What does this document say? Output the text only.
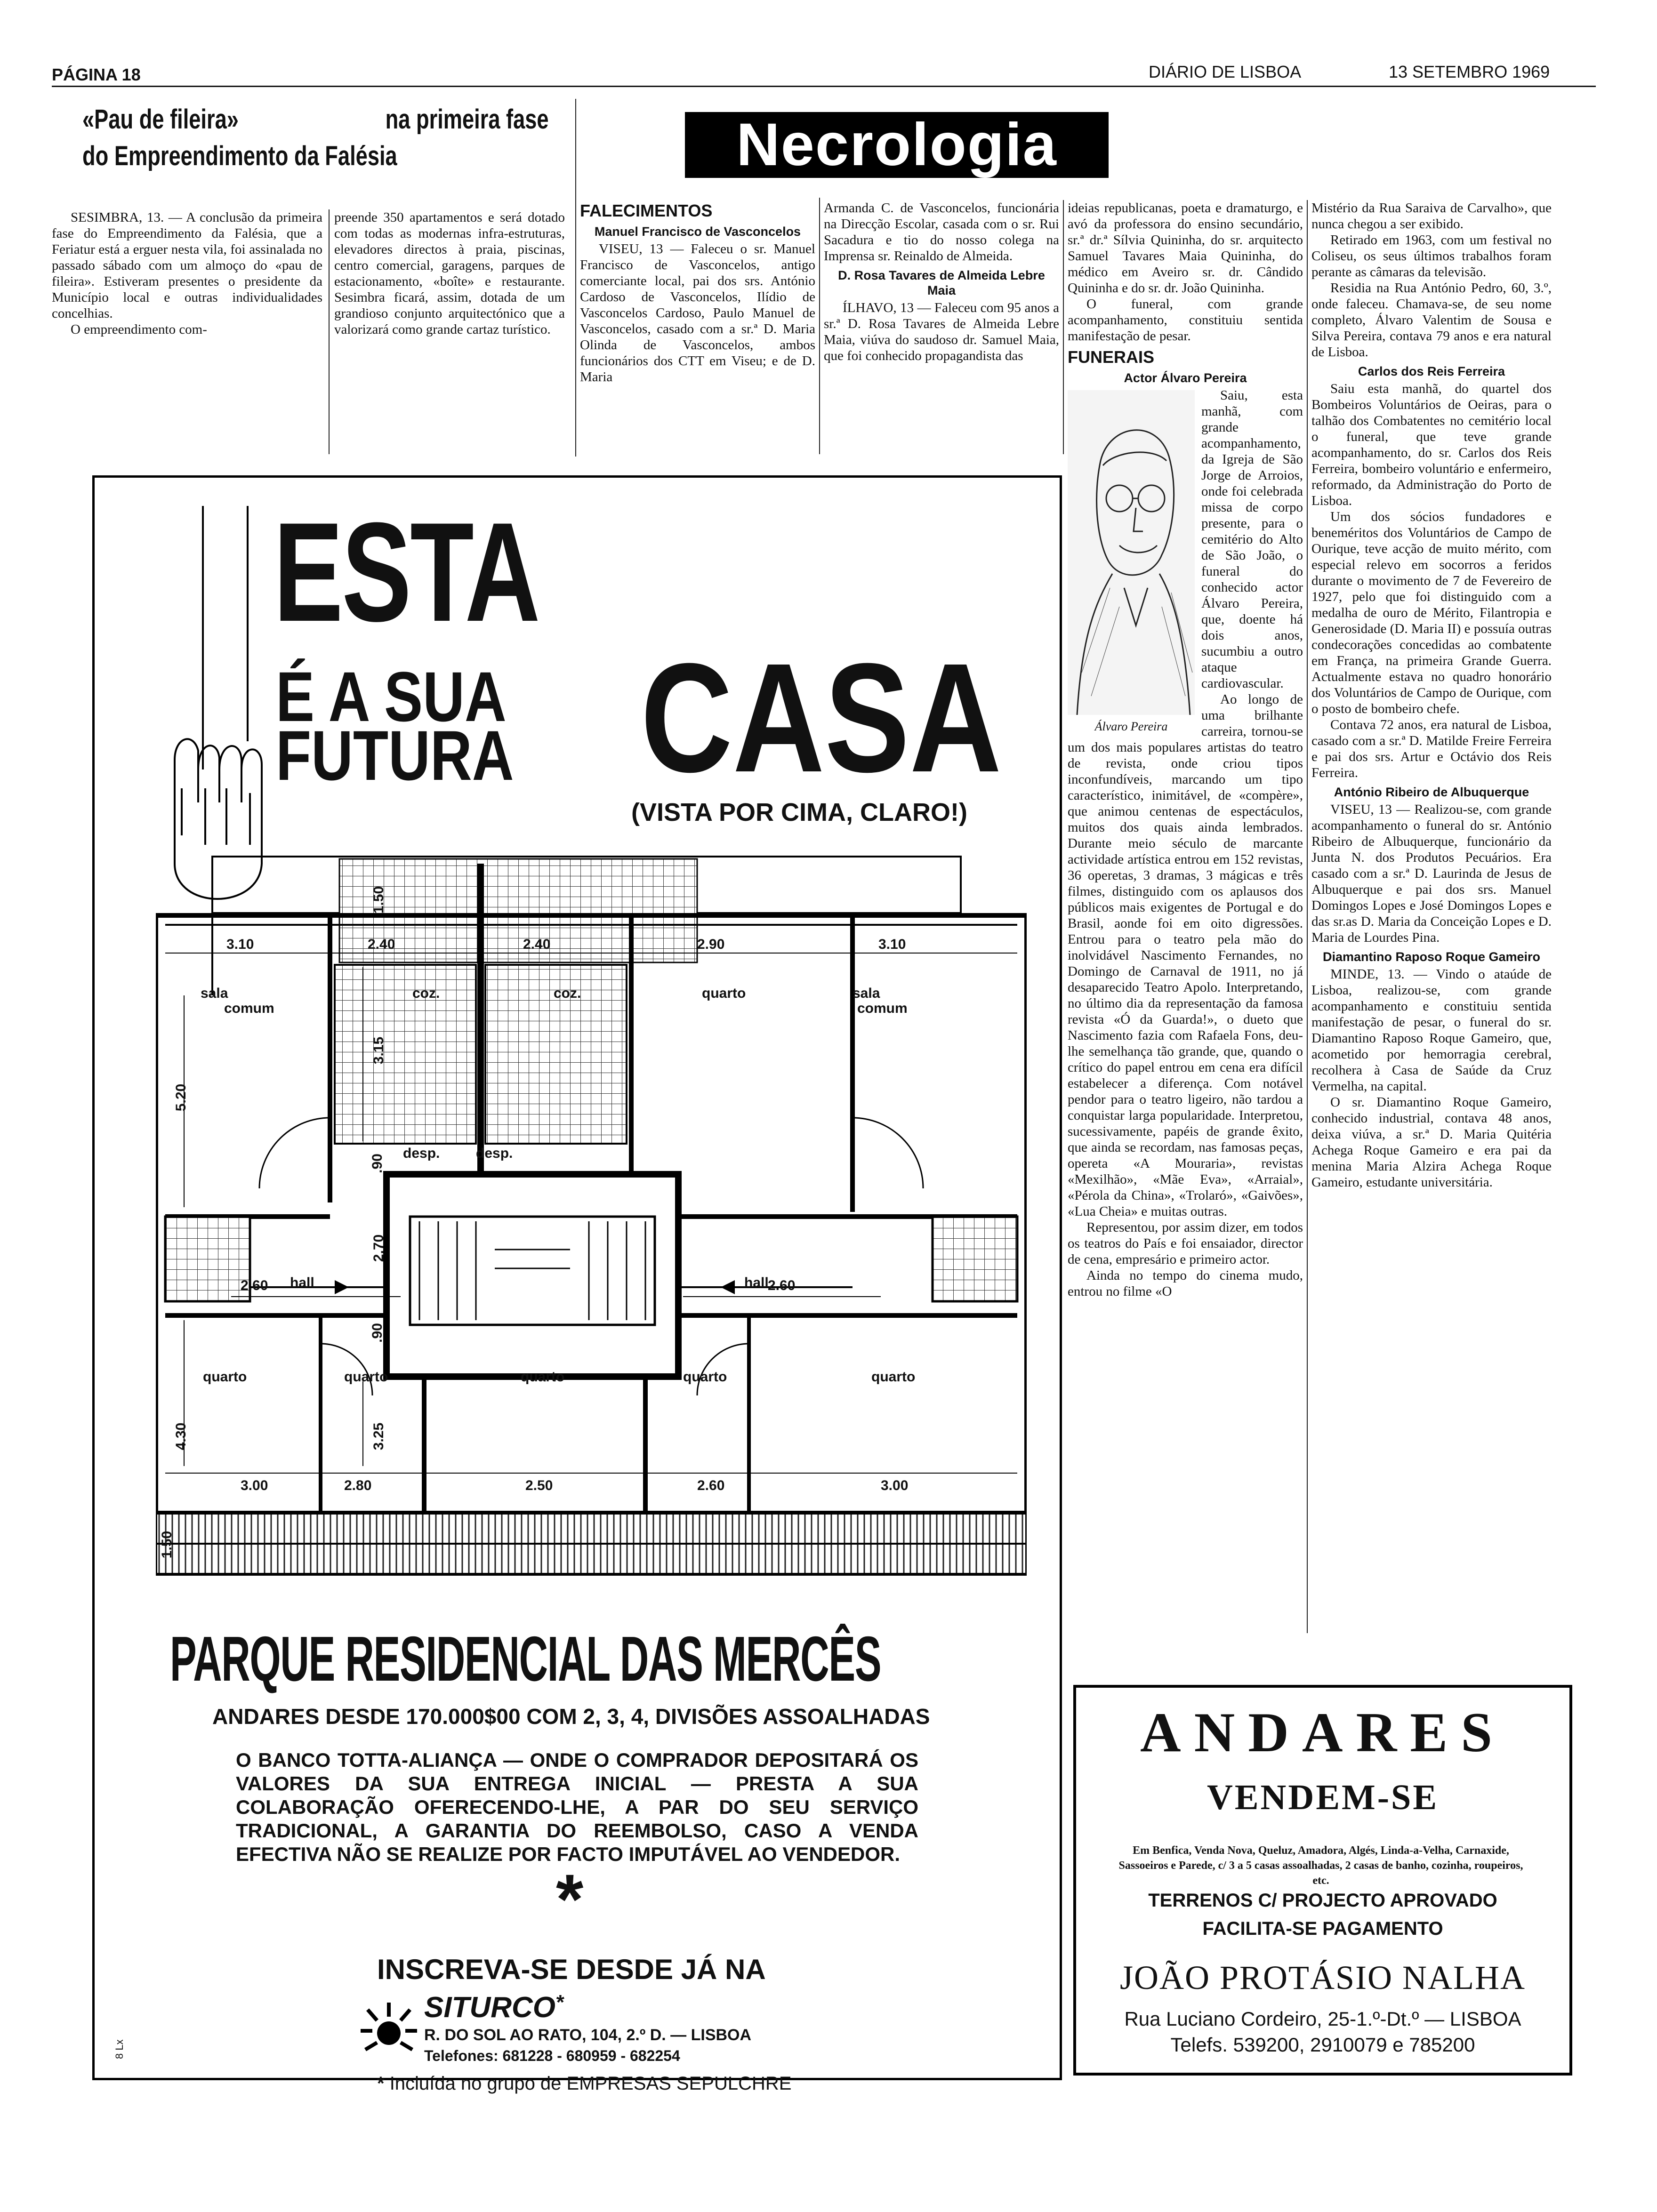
PÁGINA 18	DIÁRIO DE LISBOA	13 SETEMBRO 1969
«Pau de fileira»	na primeira fase
do Empreendimento da Falésia

SESIMBRA, 13. — A conclusão da primeira fase do Empreendimento da Falésia, que a Feriatur está a erguer nesta vila, foi assinalada no passado sábado com um almoço do «pau de fileira». Estiveram presentes o presidente da Município local e outras individualidades concelhias.

O empreendimento com-

preende 350 apartamentos e será dotado com todas as modernas infra-estruturas, elevadores directos à praia, piscinas, centro comercial, garagens, parques de estacionamento, «boîte» e restaurante. Sesimbra ficará, assim, dotada de um grandioso conjunto arquitectónico que a valorizará como grande cartaz turístico.

Necrologia
FALECIMENTOS
Manuel Francisco de Vasconcelos

VISEU, 13 — Faleceu o sr. Manuel Francisco de Vasconcelos, antigo comerciante local, pai dos srs. António Cardoso de Vasconcelos, Ilídio de Vasconcelos Cardoso, Paulo Manuel de Vasconcelos, casado com a sr.ª D. Maria Olinda de Vasconcelos, ambos funcionários dos CTT em Viseu; e de D. Maria

Armanda C. de Vasconcelos, funcionária na Direcção Escolar, casada com o sr. Rui Sacadura e tio do nosso colega na Imprensa sr. Reinaldo de Almeida.

D. Rosa Tavares de Almeida Lebre Maia

ÍLHAVO, 13 — Faleceu com 95 anos a sr.ª D. Rosa Tavares de Almeida Lebre Maia, viúva do saudoso dr. Samuel Maia, que foi conhecido propagandista das

ideias republicanas, poeta e dramaturgo, e avó da professora do ensino secundário, sr.ª dr.ª Sílvia Quininha, do sr. arquitecto Samuel Tavares Maia Quininha, do médico em Aveiro sr. dr. Cândido Quininha e do sr. dr. João Quininha.

O funeral, com grande acompanhamento, constituiu sentida manifestação de pesar.

FUNERAIS
Actor Álvaro Pereira
Álvaro Pereira

Saiu, esta manhã, com grande acompanhamento, da Igreja de São Jorge de Arroios, onde foi celebrada missa de corpo presente, para o cemitério do Alto de São João, o funeral do conhecido actor Álvaro Pereira, que, doente há dois anos, sucumbiu a outro ataque cardiovascular.

Ao longo de uma brilhante carreira, tornou-se um dos mais populares artistas do teatro de revista, onde criou tipos inconfundíveis, marcando um tipo característico, inimitável, de «compère», que animou centenas de espectáculos, muitos dos quais ainda lembrados. Durante meio século de marcante actividade artística entrou em 152 revistas, 36 operetas, 3 dramas, 3 mágicas e três filmes, distinguido com os aplausos dos públicos mais exigentes de Portugal e do Brasil, aonde foi em oito digressões. Entrou para o teatro pela mão do inolvidável Nascimento Fernandes, no Domingo de Carnaval de 1911, no já desaparecido Teatro Apolo. Interpretando, no último dia da representação da famosa revista «Ó da Guarda!», o dueto que Nascimento fazia com Rafaela Fons, deu-lhe semelhança tão grande, que, quando o crítico do papel entrou em cena era difícil estabelecer a diferença. Com notável pendor para o teatro ligeiro, não tardou a conquistar larga popularidade. Interpretou, sucessivamente, papéis de grande êxito, que ainda se recordam, nas famosas peças, opereta «A Mouraria», revistas «Mexilhão», «Mãe Eva», «Arraial», «Pérola da China», «Trolaró», «Gaivões», «Lua Cheia» e muitas outras.

Representou, por assim dizer, em todos os teatros do País e foi ensaiador, director de cena, empresário e primeiro actor.

Ainda no tempo do cinema mudo, entrou no filme «O

Mistério da Rua Saraiva de Carvalho», que nunca chegou a ser exibido.

Retirado em 1963, com um festival no Coliseu, os seus últimos trabalhos foram perante as câmaras da televisão.

Residia na Rua António Pedro, 60, 3.º, onde faleceu. Chamava-se, de seu nome completo, Álvaro Valentim de Sousa e Silva Pereira, contava 79 anos e era natural de Lisboa.

Carlos dos Reis Ferreira

Saiu esta manhã, do quartel dos Bombeiros Voluntários de Oeiras, para o talhão dos Combatentes no cemitério local o funeral, que teve grande acompanhamento, do sr. Carlos dos Reis Ferreira, bombeiro voluntário e enfermeiro, reformado, da Administração do Porto de Lisboa.

Um dos sócios fundadores e beneméritos dos Voluntários de Campo de Ourique, teve acção de muito mérito, com especial relevo em socorros a feridos durante o movimento de 7 de Fevereiro de 1927, pelo que foi distinguido com a medalha de ouro de Mérito, Filantropia e Generosidade (D. Maria II) e possuía outras condecorações concedidas ao combatente em França, na primeira Grande Guerra. Actualmente estava no quadro honorário dos Voluntários de Campo de Ourique, com o posto de bombeiro chefe.

Contava 72 anos, era natural de Lisboa, casado com a sr.ª D. Matilde Freire Ferreira e pai dos srs. Artur e Octávio dos Reis Ferreira.

António Ribeiro de Albuquerque

VISEU, 13 — Realizou-se, com grande acompanhamento o funeral do sr. António Ribeiro de Albuquerque, funcionário da Junta N. dos Produtos Pecuários. Era casado com a sr.ª D. Laurinda de Jesus de Albuquerque e pai dos srs. Manuel Domingos Lopes e José Domingos Lopes e das sr.as D. Maria da Conceição Lopes e D. Maria de Lourdes Pina.

Diamantino Raposo Roque Gameiro

MINDE, 13. — Vindo o ataúde de Lisboa, realizou-se, com grande acompanhamento e constituiu sentida manifestação de pesar, o funeral do sr. Diamantino Raposo Roque Gameiro, que, acometido por hemorragia cerebral, recolhera à Casa de Saúde da Cruz Vermelha, na capital.

O sr. Diamantino Roque Gameiro, conhecido industrial, contava 48 anos, deixa viúva, a sr.ª D. Maria Quitéria Achega Roque Gameiro e era pai da menina Maria Alzira Achega Roque Gameiro, estudante universitária.

ESTA
É A SUA
FUTURA CASA
(VISTA POR CIMA, CLARO!)
sala
comum
sala
comum
quarto
coz.	coz.
desp.	desp.
hall	hall
quarto	quarto	quarto	quarto	quarto
3.10	2.40	2.40	2.90	3.10
5.20
3.15
1.50
2.60
2.70
2.60
.90
.90
4.30	3.25
3.00	2.80	2.50	2.60	3.00
1.50
PARQUE RESIDENCIAL DAS MERCÊS
ANDARES DESDE 170.000$00 COM 2, 3, 4, DIVISÕES ASSOALHADAS
O BANCO TOTTA-ALIANÇA — ONDE O COMPRADOR DEPOSITARÁ OS VALORES DA SUA ENTREGA INICIAL — PRESTA A SUA COLABORAÇÃO OFERECENDO-LHE, A PAR DO SEU SERVIÇO TRADICIONAL, A GARANTIA DO REEMBOLSO, CASO A VENDA EFECTIVA NÃO SE REALIZE POR FACTO IMPUTÁVEL AO VENDEDOR.
*
INSCREVA-SE DESDE JÁ NA
SITURCO*
R. DO SOL AO RATO, 104, 2.º D. — LISBOA
Telefones: 681228 - 680959 - 682254
* Incluída no grupo de EMPRESAS SEPULCHRE
8 Lx
ANDARES
VENDEM-SE
Em Benfica, Venda Nova, Queluz, Amadora, Algés, Linda-a-Velha, Carnaxide, Sassoeiros e Parede, c/ 3 a 5 casas assoalhadas, 2 casas de banho, cozinha, roupeiros, etc.
TERRENOS C/ PROJECTO APROVADO
FACILITA-SE PAGAMENTO
JOÃO PROTÁSIO NALHA
Rua Luciano Cordeiro, 25-1.º-Dt.º — LISBOA
Telefs. 539200, 2910079 e 785200
